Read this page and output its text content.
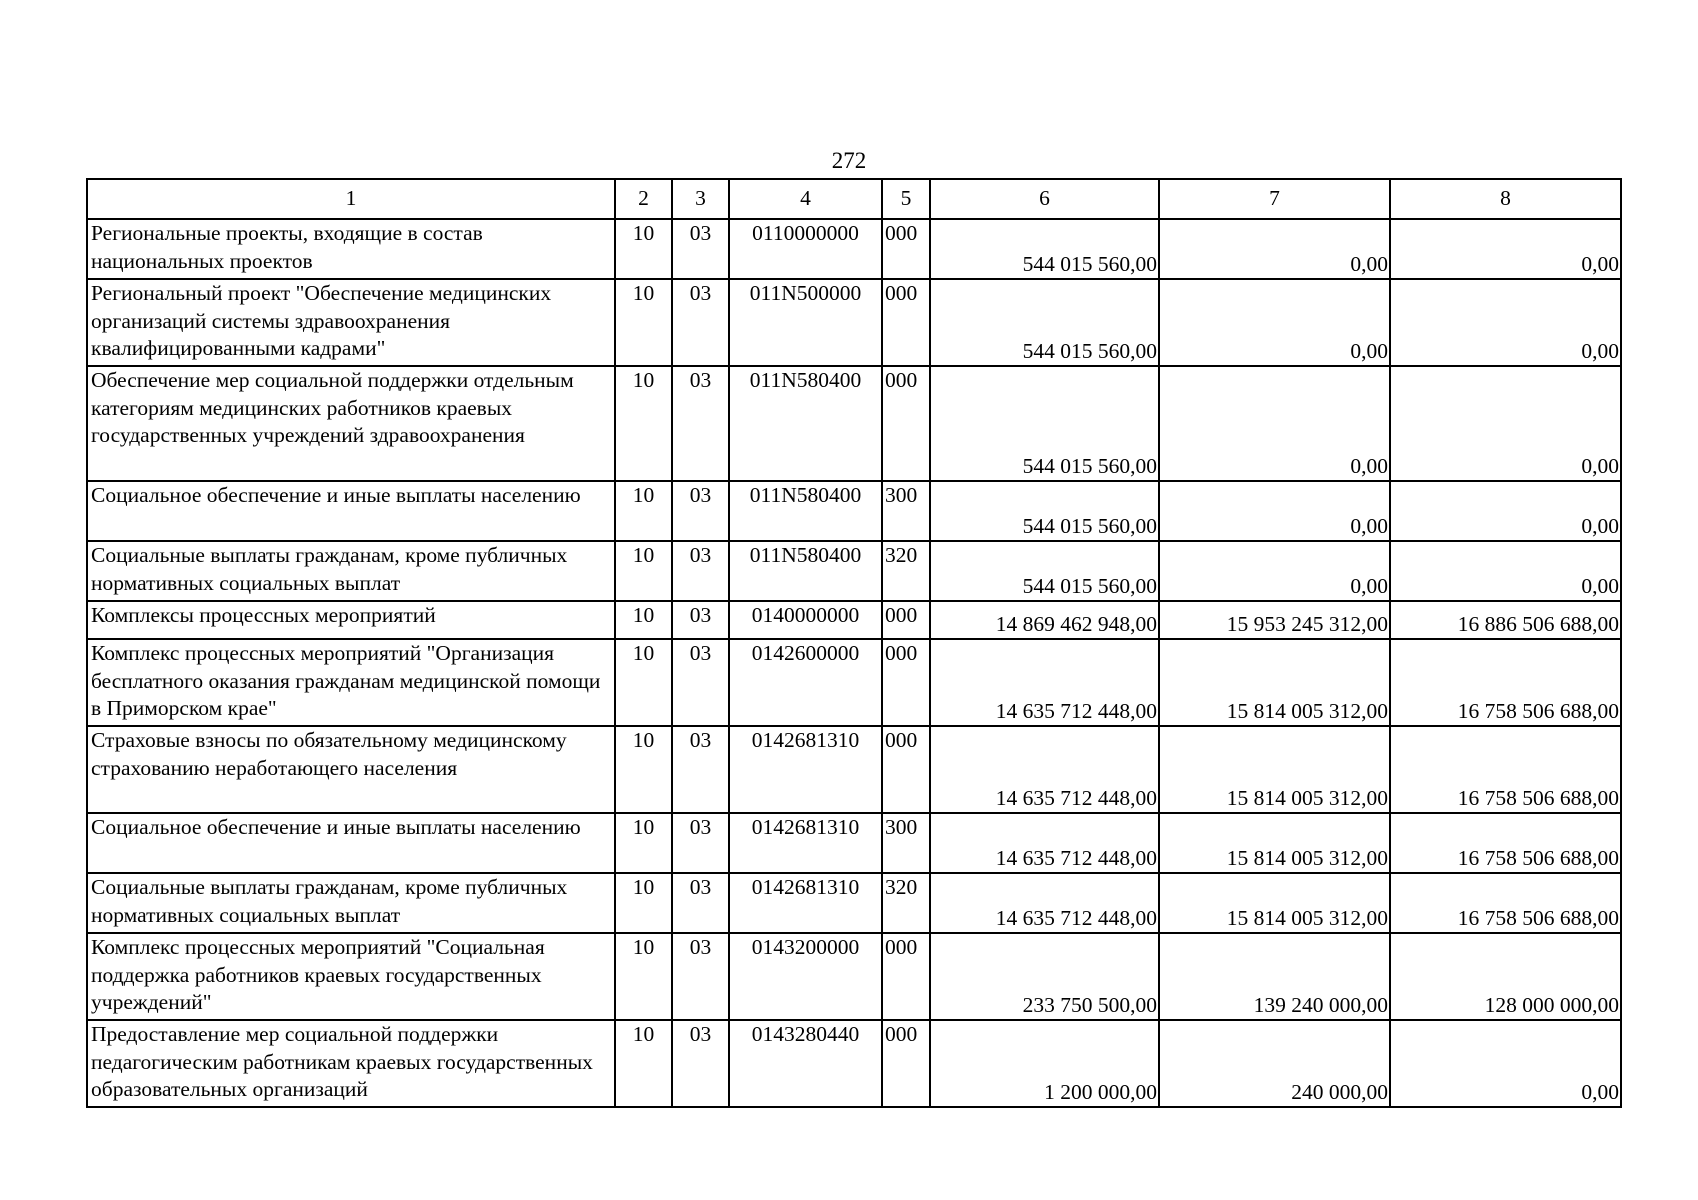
272
1	2	3	4	5	6	7	8
Региональные проекты, входящие в состав национальных проектов	10	03	0110000000	000	544 015 560,00	0,00	0,00
Региональный проект "Обеспечение медицинских организаций системы здравоохранения квалифицированными кадрами"	10	03	011N500000	000	544 015 560,00	0,00	0,00
Обеспечение мер социальной поддержки отдельным категориям медицинских работников краевых государственных учреждений здравоохранения	10	03	011N580400	000	544 015 560,00	0,00	0,00
Социальное обеспечение и иные выплаты населению	10	03	011N580400	300	544 015 560,00	0,00	0,00
Социальные выплаты гражданам, кроме публичных нормативных социальных выплат	10	03	011N580400	320	544 015 560,00	0,00	0,00
Комплексы процессных мероприятий	10	03	0140000000	000	14 869 462 948,00	15 953 245 312,00	16 886 506 688,00
Комплекс процессных мероприятий "Организация бесплатного оказания гражданам медицинской помощи в Приморском крае"	10	03	0142600000	000	14 635 712 448,00	15 814 005 312,00	16 758 506 688,00
Страховые взносы по обязательному медицинскому страхованию неработающего населения	10	03	0142681310	000	14 635 712 448,00	15 814 005 312,00	16 758 506 688,00
Социальное обеспечение и иные выплаты населению	10	03	0142681310	300	14 635 712 448,00	15 814 005 312,00	16 758 506 688,00
Социальные выплаты гражданам, кроме публичных нормативных социальных выплат	10	03	0142681310	320	14 635 712 448,00	15 814 005 312,00	16 758 506 688,00
Комплекс процессных мероприятий "Социальная поддержка работников краевых государственных учреждений"	10	03	0143200000	000	233 750 500,00	139 240 000,00	128 000 000,00
Предоставление мер социальной поддержки педагогическим работникам краевых государственных образовательных организаций	10	03	0143280440	000	1 200 000,00	240 000,00	0,00
